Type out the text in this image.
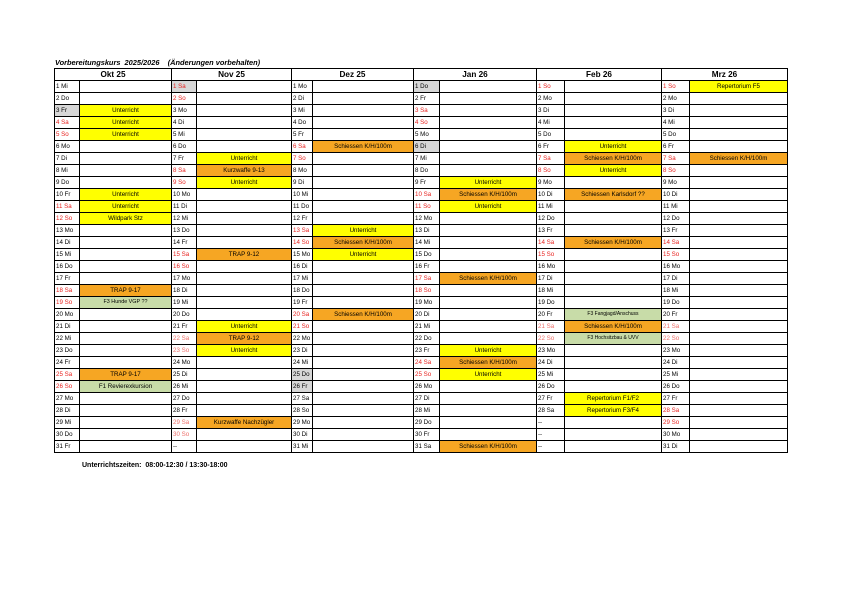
Vorbereitungskurs  2025/2026    (Änderungen vorbehalten)
Okt 25		Nov 25		Dez 25		Jan 26		Feb 26		Mrz 26	
1 Mi		1 Sa		1 Mo		1 Do		1 So		1 So	Repertorium F5
2 Do		2 So		2 Di		2 Fr		2 Mo		2 Mo	
3 Fr	Unterricht	3 Mo		3 Mi		3 Sa		3 Di		3 Di	
4 Sa	Unterricht	4 Di		4 Do		4 So		4 Mi		4 Mi	
5 So	Unterricht	5 Mi		5 Fr		5 Mo		5 Do		5 Do	
6 Mo		6 Do		6 Sa	Schiessen K/H/100m	6 Di		6 Fr	Unterricht	6 Fr	
7 Di		7 Fr	Unterricht	7 So		7 Mi		7 Sa	Schiessen K/H/100m	7 Sa	Schiessen K/H/100m
8 Mi		8 Sa	Kurzwaffe 9-13	8 Mo		8 Do		8 So	Unterricht	8 So	
9 Do		9 So	Unterricht	9 Di		9 Fr	Unterricht	9 Mo		9 Mo	
10 Fr	Unterricht	10 Mo		10 Mi		10 Sa	Schiessen K/H/100m	10 Di	Schiessen Karlsdorf ??	10 Di	
11 Sa	Unterricht	11 Di		11 Do		11 So	Unterricht	11 Mi		11 Mi	
12 So	Wildpark Stz	12 Mi		12 Fr		12 Mo		12 Do		12 Do	
13 Mo		13 Do		13 Sa	Unterricht	13 Di		13 Fr		13 Fr	
14 Di		14 Fr		14 So	Schiessen K/H/100m	14 Mi		14 Sa	Schiessen K/H/100m	14 Sa	
15 Mi		15 Sa	TRAP 9-12	15 Mo	Unterricht	15 Do		15 So		15 So	
16 Do		16 So		16 Di		16 Fr		16 Mo		16 Mo	
17 Fr		17 Mo		17 Mi		17 Sa	Schiessen K/H/100m	17 Di		17 Di	
18 Sa	TRAP 9-17	18 Di		18 Do		18 So		18 Mi		18 Mi	
19 So	F3 Hunde VGP ??	19 Mi		19 Fr		19 Mo		19 Do		19 Do	
20 Mo		20 Do		20 Sa	Schiessen K/H/100m	20 Di		20 Fr	F3 Fangjagd/Anschuss	20 Fr	
21 Di		21 Fr	Unterricht	21 So		21 Mi		21 Sa	Schiessen K/H/100m	21 Sa	
22 Mi		22 Sa	TRAP 9-12	22 Mo		22 Do		22 So	F3 Hochsitzbau & UVV	22 So	
23 Do		23 So	Unterricht	23 Di		23 Fr	Unterricht	23 Mo		23 Mo	
24 Fr		24 Mo		24 Mi		24 Sa	Schiessen K/H/100m	24 Di		24 Di	
25 Sa	TRAP 9-17	25 Di		25 Do		25 So	Unterricht	25 Mi		25 Mi	
26 So	F1 Revierexkursion	26 Mi		26 Fr		26 Mo		26 Do		26 Do	
27 Mo		27 Do		27 Sa		27 Di		27 Fr	Repertorium F1/F2	27 Fr	
28 Di		28 Fr		28 So		28 Mi		28 Sa	Repertorium F3/F4	28 Sa	
29 Mi		29 Sa	Kurzwaffe Nachzügler	29 Mo		29 Do		--		29 So	
30 Do		30 So		30 Di		30 Fr		--		30 Mo	
31 Fr		--		31 Mi		31 Sa	Schiessen K/H/100m	--		31 Di	
Unterrichtszeiten:  08:00-12:30 / 13:30-18:00
